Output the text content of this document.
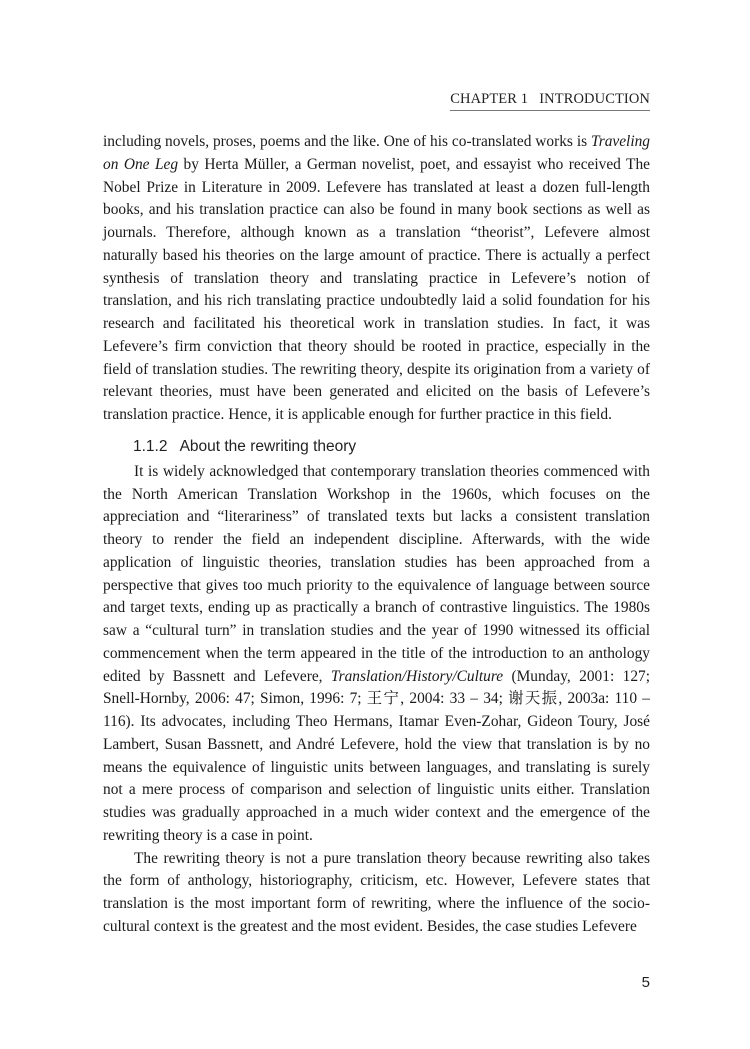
CHAPTER 1   INTRODUCTION

including novels, proses, poems and the like. One of his co-translated works is Traveling on One Leg by Herta Müller, a German novelist, poet, and essayist who received The Nobel Prize in Literature in 2009. Lefevere has translated at least a dozen full-length books, and his translation practice can also be found in many book sections as well as journals. Therefore, although known as a translation “theorist”, Lefevere almost naturally based his theories on the large amount of practice. There is actually a perfect synthesis of translation theory and translating practice in Lefevere’s notion of translation, and his rich translating practice undoubtedly laid a solid foundation for his research and facilitated his theoretical work in translation studies. In fact, it was Lefevere’s firm conviction that theory should be rooted in practice, especially in the field of translation studies. The rewriting theory, despite its origination from a variety of relevant theories, must have been generated and elicited on the basis of Lefevere’s translation practice. Hence, it is applicable enough for further practice in this field.

1.1.2 About the rewriting theory

It is widely acknowledged that contemporary translation theories commenced with the North American Translation Workshop in the 1960s, which focuses on the appreciation and “literariness” of translated texts but lacks a consistent translation theory to render the field an independent discipline. Afterwards, with the wide application of linguistic theories, translation studies has been approached from a perspective that gives too much priority to the equivalence of language between source and target texts, ending up as practically a branch of contrastive linguistics. The 1980s saw a “cultural turn” in translation studies and the year of 1990 witnessed its official commencement when the term appeared in the title of the introduction to an anthology edited by Bassnett and Lefevere, Translation/History/Culture (Munday, 2001: 127; Snell-Hornby, 2006: 47; Simon, 1996: 7; 王宁, 2004: 33 – 34; 谢天振, 2003a: 110 – 116). Its advocates, including Theo Hermans, Itamar Even-Zohar, Gideon Toury, José Lambert, Susan Bassnett, and André Lefevere, hold the view that translation is by no means the equivalence of linguistic units between languages, and translating is surely not a mere process of comparison and selection of linguistic units either. Translation studies was gradually approached in a much wider context and the emergence of the rewriting theory is a case in point.

The rewriting theory is not a pure translation theory because rewriting also takes the form of anthology, historiography, criticism, etc. However, Lefevere states that translation is the most important form of rewriting, where the influence of the socio-cultural context is the greatest and the most evident. Besides, the case studies Lefevere

5
